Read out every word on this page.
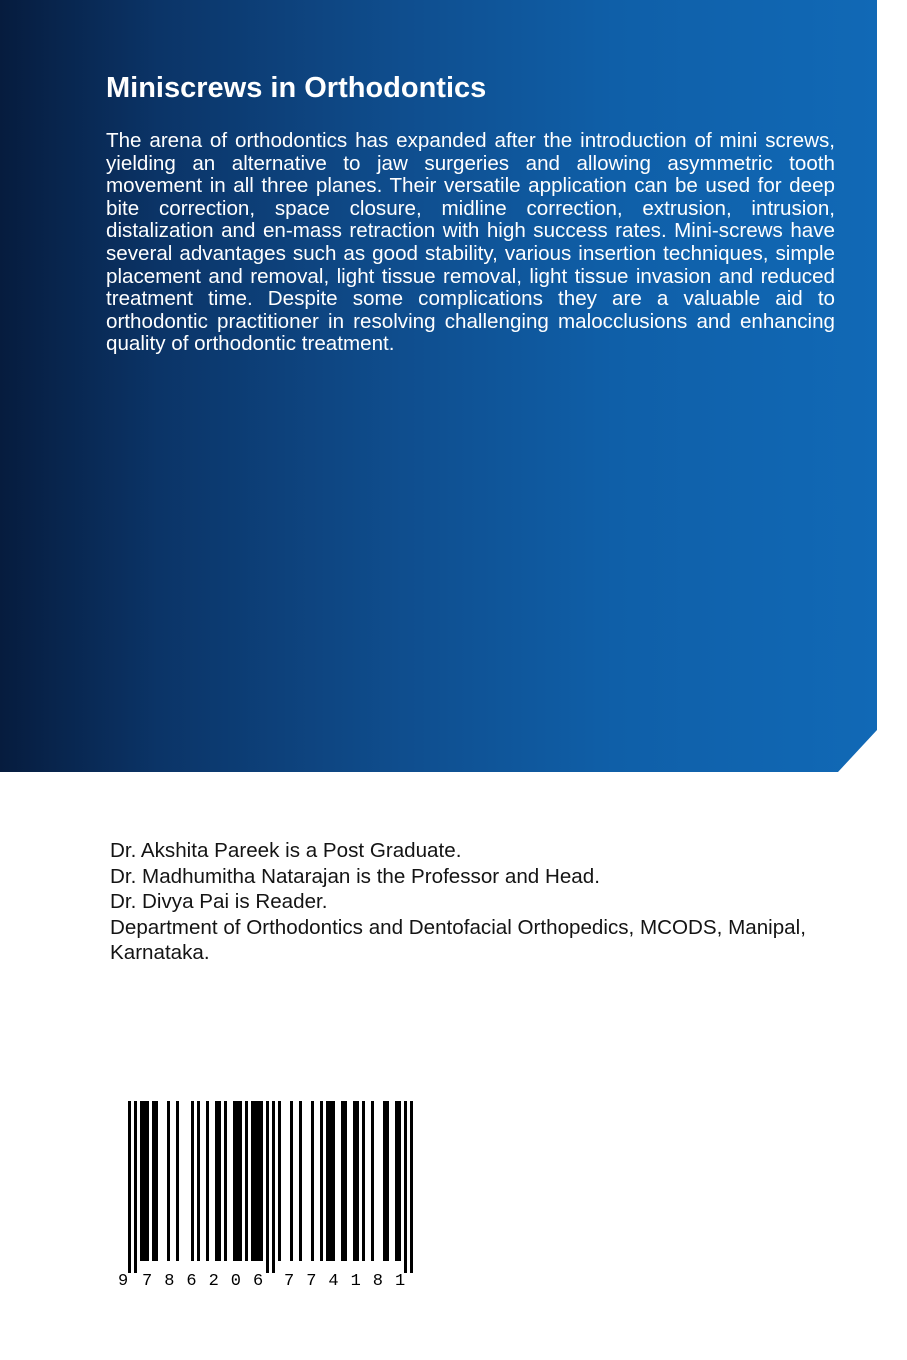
Miniscrews in Orthodontics

The arena of orthodontics has expanded after the introduction of mini screws, yielding an alternative to jaw surgeries and allowing asymmetric tooth movement in all three planes. Their versatile application can be used for deep bite correction, space closure, midline correction, extrusion, intrusion, distalization and en-mass retraction with high success rates. Mini-screws have several advantages such as good stability, various insertion techniques, simple placement and removal, light tissue removal, light tissue invasion and reduced treatment time. Despite some complications they are a valuable aid to orthodontic practitioner in resolving challenging malocclusions and enhancing quality of orthodontic treatment.

Dr. Akshita Pareek is a Post Graduate.
Dr. Madhumitha Natarajan is the Professor and Head.
Dr. Divya Pai is Reader.
Department of Orthodontics and Dentofacial Orthopedics, MCODS, Manipal, Karnataka.
9 786206 774181
